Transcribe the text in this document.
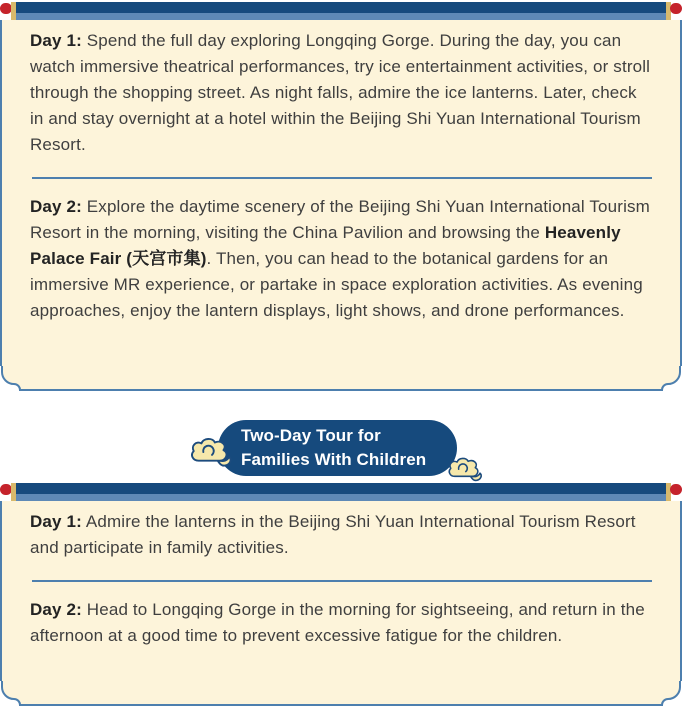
Day 1: Spend the full day exploring Longqing Gorge. During the day, you can watch immersive theatrical performances, try ice entertainment activities, or stroll through the shopping street. As night falls, admire the ice lanterns. Later, check in and stay overnight at a hotel within the Beijing Shi Yuan International Tourism Resort.

Day 2: Explore the daytime scenery of the Beijing Shi Yuan International Tourism Resort in the morning, visiting the China Pavilion and browsing the Heavenly Palace Fair (天宫市集). Then, you can head to the botanical gardens for an immersive MR experience, or partake in space exploration activities. As evening approaches, enjoy the lantern displays, light shows, and drone performances.

Two-Day Tour for
Families With Children

Day 1: Admire the lanterns in the Beijing Shi Yuan International Tourism Resort and participate in family activities.

Day 2: Head to Longqing Gorge in the morning for sightseeing, and return in the afternoon at a good time to prevent excessive fatigue for the children.
